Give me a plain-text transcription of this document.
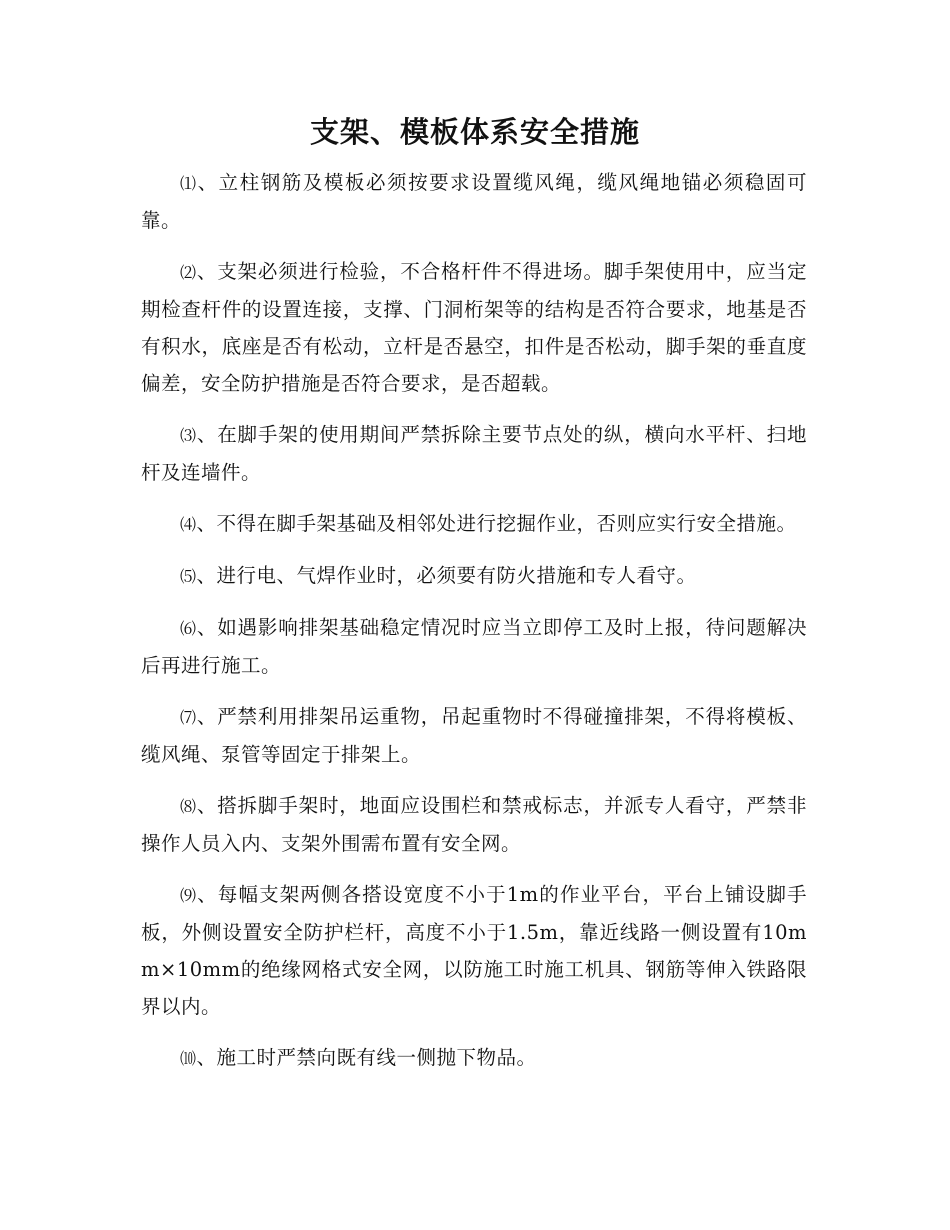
支架、模板体系安全措施

⑴、立柱钢筋及模板必须按要求设置缆风绳，缆风绳地锚必须稳固可靠。

⑵、支架必须进行检验，不合格杆件不得进场。脚手架使用中，应当定期检查杆件的设置连接，支撑、门洞桁架等的结构是否符合要求，地基是否有积水，底座是否有松动，立杆是否悬空，扣件是否松动，脚手架的垂直度偏差，安全防护措施是否符合要求，是否超载。

⑶、在脚手架的使用期间严禁拆除主要节点处的纵，横向水平杆、扫地杆及连墙件。

⑷、不得在脚手架基础及相邻处进行挖掘作业，否则应实行安全措施。

⑸、进行电、气焊作业时，必须要有防火措施和专人看守。

⑹、如遇影响排架基础稳定情况时应当立即停工及时上报，待问题解决后再进行施工。

⑺、严禁利用排架吊运重物，吊起重物时不得碰撞排架，不得将模板、缆风绳、泵管等固定于排架上。

⑻、搭拆脚手架时，地面应设围栏和禁戒标志，并派专人看守，严禁非操作人员入内、支架外围需布置有安全网。

⑼、每幅支架两侧各搭设宽度不小于1m的作业平台，平台上铺设脚手板，外侧设置安全防护栏杆，高度不小于1.5m，靠近线路一侧设置有10mm×10mm的绝缘网格式安全网，以防施工时施工机具、钢筋等伸入铁路限界以内。

⑽、施工时严禁向既有线一侧抛下物品。
